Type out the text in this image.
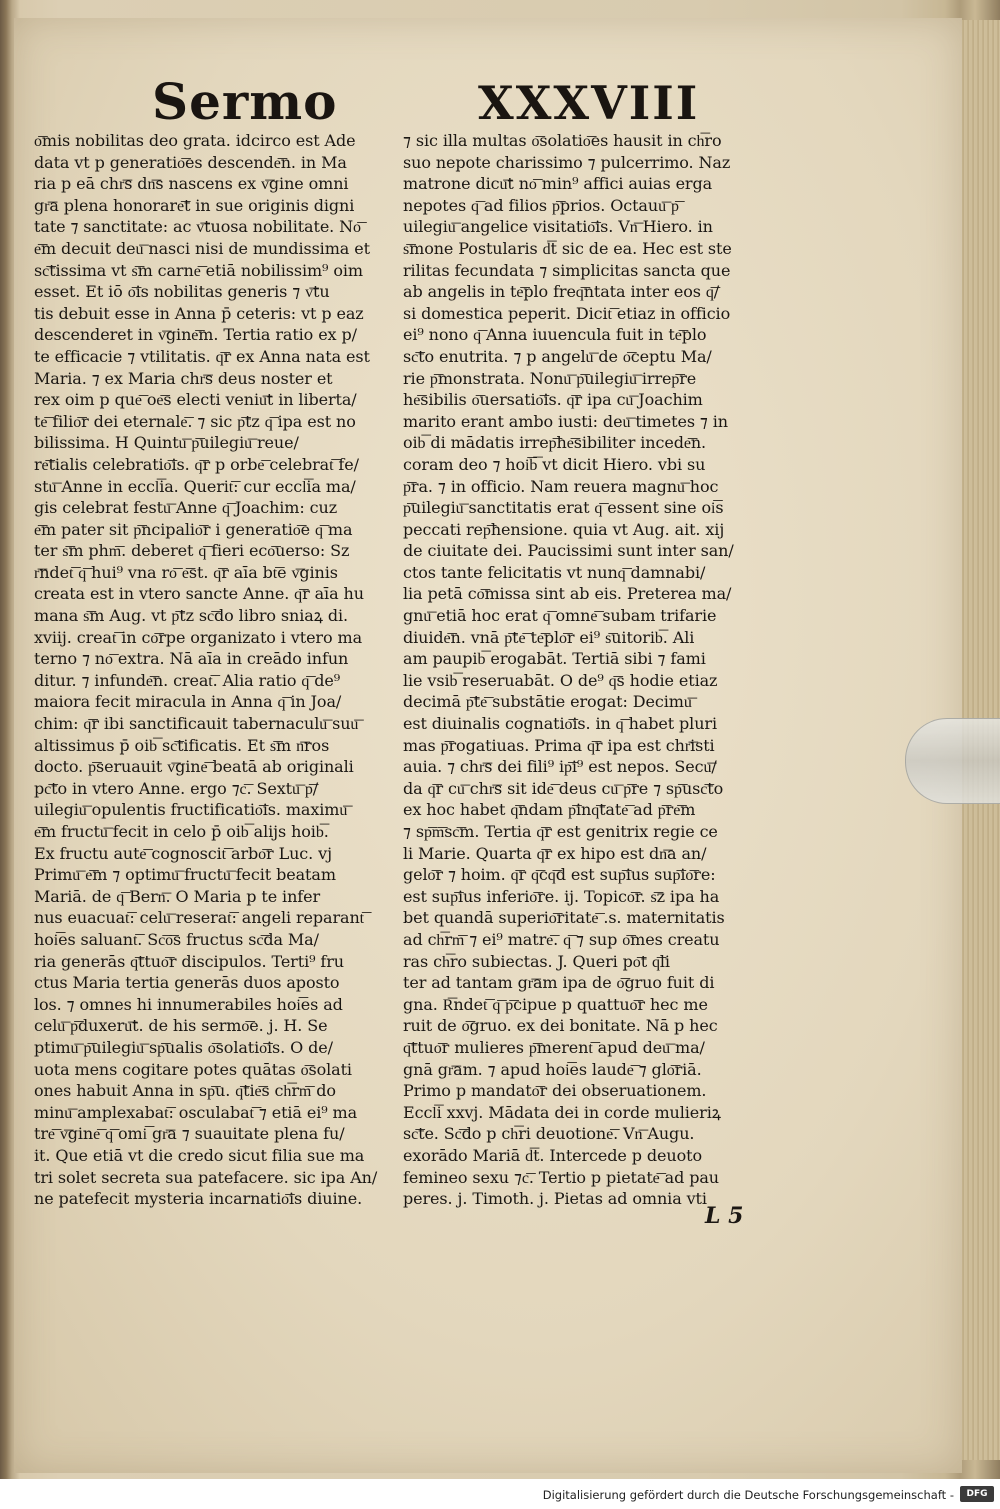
Sermo	XXXVIII
o͞mis nobilitas deo grata. idcirco est Ade
data vt p generatio͞es descende͞n. in Ma
ria p eā chr͞s dn͞s nascens ex v͞gine omni
gr͞a plena honorare͞t in sue originis digni
tate ⁊ sanctitate: ac v͞tuosa nobilitate. No͞
e͞m decuit deu͞ nasci nisi de mundissima et
sc͞tissima vt s͞m carne͞ etiā nobilissim⁹ oim
esset. Et iō o͞is nobilitas generis ⁊ v͞tu
tis debuit esse in Anna p̄ ceteris: vt p eaz
descenderet in v͞gine͞m. Tertia ratio ex p/
te efficacie ⁊ vtilitatis. q͞r ex Anna nata est
Maria. ⁊ ex Maria chr͞s deus noster et
rex oim p que͞ oe͞s electi veniu͞t in liberta/
te͞ filio͞r dei eternale͞. ⁊ sic p͞tz q͞ ipa est no
bilissima. H Quintu͞ p͞uilegiu͞ reue/
re͞tialis celebratio͞is. q͞r p orbe͞ celebrat͞ fe/
stu͞ Anne in eccl͞ia. Querit͞: cur eccl͞ia ma/
gis celebrat festu͞ Anne q͞ Joachim: cuz
e͞m pater sit p͞ncipalio͞r i generatio͞e q͞ ma
ter s͞m phm͞. deberet q͞ fieri eco͞uerso: Sz
r͞ndet͞ q͞ hui⁹ vna ro͞ e͞st. q͞r aīa bt͞e v͞ginis
creata est in vtero sancte Anne. q͞r aīa hu
mana s͞m Aug. vt p͞tz sc͞do libro sniaꝝ di.
xviij. creat͞ in co͞rpe organizato i vtero ma
terno ⁊ no͞ extra. Nā aīa in creādo infun
ditur. ⁊ infunde͞n. creat͞. Alia ratio q͞ de⁹
maiora fecit miracula in Anna q͞ in Joa/
chim: q͞r ibi sanctificauit tabernaculu͞ suu͞
altissimus p̄ oib͞ sc͞tificatis. Et s͞m n͞ros
docto. p͞seruauit v͞gine͞ beatā ab originali
pc͞to in vtero Anne. ergo ⁊c͞. Sextu͞ p͞/
uilegiu͞ opulentis fructificatio͞is. maximu͞
e͞m fructu͞ fecit in celo p̄ oib͞ alijs hoib͞.
Ex fructu aute͞ cognoscit͞ arbo͞r Luc. vj
Primu͞ e͞m ⁊ optimu͞ fructu͞ fecit beatam
Mariā. de q͞ Bern͞. O Maria p te infer
nus euacuat͞: celu͞ reserat͞: angeli reparant͞
hoi͞es saluant͞. Sc͞o͞s fructus sc͞da Ma/
ria generās q͞ttuo͞r discipulos. Terti⁹ fru
ctus Maria tertia generās duos aposto
los. ⁊ omnes hi innumerabiles hoi͞es ad
celu͞ p͞duxeru͞t. de his sermo͞e. j. H. Se
ptimu͞ p͞uilegiu͞ sp͞ualis o͞solatio͞is. O de/
uota mens cogitare potes quātas o͞solati
ones habuit Anna in sp͞u. q͞tie͞s ch͞rm͞ do
minu͞ amplexabat͞: osculabat͞ ⁊ etiā ei⁹ ma
tre͞ v͞gine͞ q͞ omi͞ gr͞a ⁊ suauitate plena fu/
it. Que etiā vt die credo sicut filia sue ma
tri solet secreta sua patefacere. sic ipa An/
ne patefecit mysteria incarnatio͞is diuine.
⁊ sic illa multas o͞solatio͞es hausit in ch͞ro
suo nepote charissimo ⁊ pulcerrimo. Naz
matrone dicu͞t no͞ min⁹ affici auias erga
nepotes q͞ ad filios p͞prios. Octauu͞ p͞
uilegiu͞ angelice visitatio͞is. Vn͞ Hiero. in
s͞mone Postularis d͞t sic de ea. Hec est ste
rilitas fecundata ⁊ simplicitas sancta que
ab angelis in te͞plo freq͞ntata inter eos q͞/
si domestica peperit. Dicit͞ etiaz in officio
ei⁹ nono q͞ Anna iuuencula fuit in te͞plo
sc͞to enutrita. ⁊ p angelu͞ de o͞ceptu Ma/
rie p͞monstrata. Nonu͞ p͞uilegiu͞ irrep͞re
he͞sibilis o͞uersatio͞is. q͞r ipa cu͞ Joachim
marito erant ambo iusti: deu͞ timetes ⁊ in
oib͞ di mādatis irrep͞he͞sibiliter incede͞n.
coram deo ⁊ hoi͞b͞ vt dicit Hiero. vbi su
p͞ra. ⁊ in officio. Nam reuera magnu͞ hoc
p͞uilegiu͞ sanctitatis erat q͞ essent sine oi͞s
peccati rep͞hensione. quia vt Aug. ait. xij
de ciuitate dei. Paucissimi sunt inter san/
ctos tante felicitatis vt nunq͞ damnabi/
lia petā co͞missa sint ab eis. Preterea ma/
gnu͞ etiā hoc erat q͞ omne͞ subam trifarie
diuide͞n. vnā p͞te͞ te͞plo͞r ei⁹ s͞uitorib͞. Ali
am paupib͞ erogabāt. Tertiā sibi ⁊ fami
lie vsib͞ reseruabāt. O de⁹ q͞s hodie etiaz
decimā p͞te͞ substātie erogat: Decimu͞
est diuinalis cognatio͞is. in q͞ habet pluri
mas p͞rogatiuas. Prima q͞r ipa est chr͞isti
auia. ⁊ chr͞s dei fili⁹ ip͞i⁹ est nepos. Secu͞/
da q͞r cu͞ chr͞s sit ide͞ deus cu͞ p͞re ⁊ sp͞usc͞to
ex hoc habet q͞ndam p͞inq͞tate͞ ad p͞re͞m
⁊ sp͞m͞sc͞m. Tertia q͞r est genitrix regie ce
li Marie. Quarta q͞r ex hipo est dn͞a an/
gelo͞r ⁊ hoim. q͞r q͞cq͞d est sup͞ius sup͞io͞re:
est sup͞ius inferio͞re. ij. Topico͞r. s͞z ipa ha
bet quandā superio͞ritate͞ .s. maternitatis
ad ch͞rm͞ ⁊ ei⁹ matre͞. q͞ ⁊ sup o͞mes creatu
ras ch͞ro subiectas. J. Queri po͞t q͞li
ter ad tantam gr͞am ipa de o͞gruo fuit di
gna. R͞ndet͞ q͞ p͞cipue p quattuo͞r hec me
ruit de o͞gruo. ex dei bonitate. Nā p hec
q͞ttuo͞r mulieres p͞merent͞ apud deu͞ ma/
gnā gr͞am. ⁊ apud hoi͞es laude͞ ⁊ glo͞riā.
Primo p mandato͞r dei obseruationem.
Eccl͞i xxvj. Mādata dei in corde mulieriꝝ
sc͞te. Sc͞do p ch͞ri deuotione͞. Vn͞ Augu.
exorādo Mariā d͞t. Intercede p deuoto
femineo sexu ⁊c͞. Tertio p pietate͞ ad pau
peres. j. Timoth. j. Pietas ad omnia vti
L 5
Digitalisierung gefördert durch die Deutsche Forschungsgemeinschaft -	DFG
